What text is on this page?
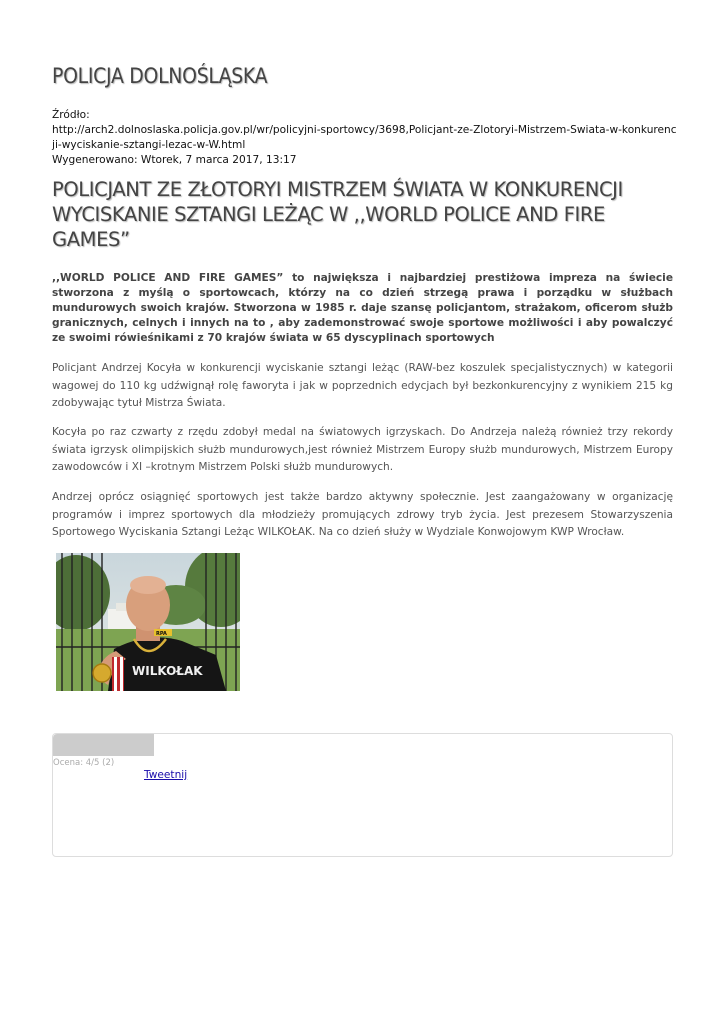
POLICJA DOLNOŚLĄSKA
Źródło:
http://arch2.dolnoslaska.policja.gov.pl/wr/policyjni-sportowcy/3698,Policjant-ze-Zlotoryi-Mistrzem-Swiata-w-konkurencji-wyciskanie-sztangi-lezac-w-W.html
Wygenerowano: Wtorek, 7 marca 2017, 13:17
POLICJANT ZE ZŁOTORYI MISTRZEM ŚWIATA W KONKURENCJI WYCISKANIE SZTANGI LEŻĄC W ,,WORLD POLICE AND FIRE GAMES”
,,WORLD POLICE AND FIRE GAMES” to największa i najbardziej prestiżowa impreza na świecie stworzona z myślą o sportowcach, którzy na co dzień strzegą prawa i porządku w służbach mundurowych swoich krajów. Stworzona w 1985 r. daje szansę policjantom, strażakom, oficerom służb granicznych, celnych i innych na to , aby zademonstrować swoje sportowe możliwości i aby powalczyć ze swoimi rówieśnikami z 70 krajów świata w 65 dyscyplinach sportowych

Policjant Andrzej Kocyła w konkurencji wyciskanie sztangi leżąc (RAW-bez koszulek specjalistycznych) w kategorii wagowej do 110 kg udźwignął rolę faworyta i jak w poprzednich edycjach był bezkonkurencyjny z wynikiem 215 kg zdobywając tytuł Mistrza Świata.

Kocyła po raz czwarty z rzędu zdobył medal na światowych igrzyskach. Do Andrzeja należą również trzy rekordy świata igrzysk olimpijskich służb mundurowych,jest również Mistrzem Europy służb mundurowych, Mistrzem Europy zawodowców i XI –krotnym Mistrzem Polski służb mundurowych.

Andrzej oprócz osiągnięć sportowych jest także bardzo aktywny społecznie. Jest zaangażowany w organizację programów i imprez sportowych dla młodzieży promujących zdrowy tryb życia. Jest prezesem Stowarzyszenia Sportowego Wyciskania Sztangi Leżąc WILKOŁAK. Na co dzień służy w Wydziale Konwojowym KWP Wrocław.

WILKOŁAK
RPA
Ocena: 4/5 (2)
Tweetnij
